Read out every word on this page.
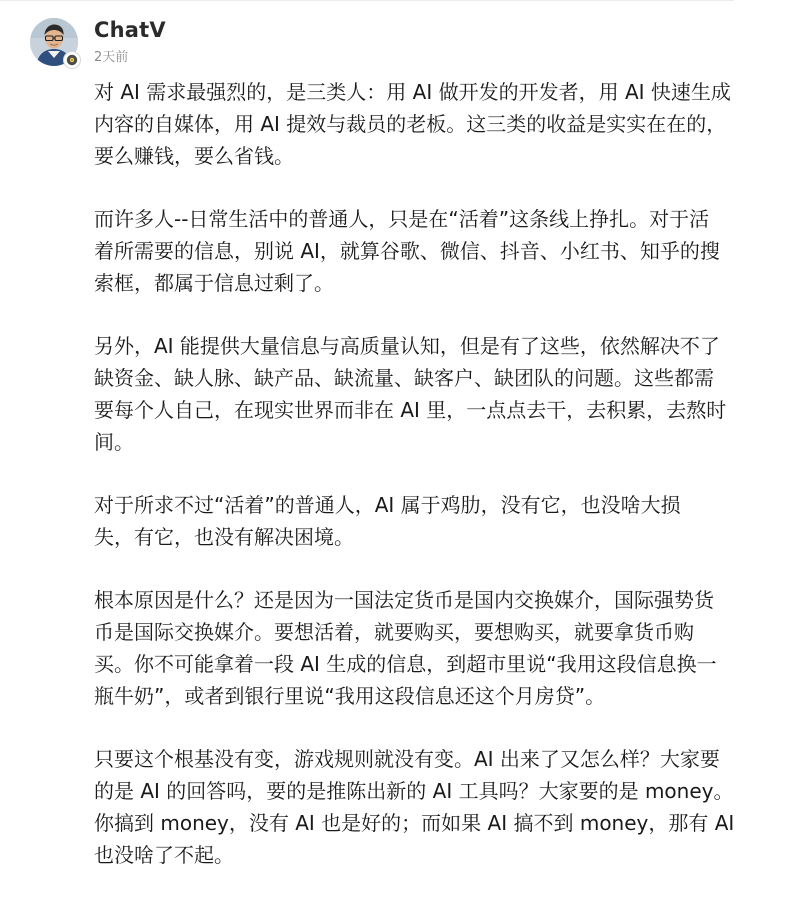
ChatV
2天前

对 AI 需求最强烈的，是三类人：用 AI 做开发的开发者，用 AI 快速生成
内容的自媒体，用 AI 提效与裁员的老板。这三类的收益是实实在在的，
要么赚钱，要么省钱。

而许多人--日常生活中的普通人，只是在“活着”这条线上挣扎。对于活
着所需要的信息，别说 AI，就算谷歌、微信、抖音、小红书、知乎的搜
索框，都属于信息过剩了。

另外，AI 能提供大量信息与高质量认知，但是有了这些，依然解决不了
缺资金、缺人脉、缺产品、缺流量、缺客户、缺团队的问题。这些都需
要每个人自己，在现实世界而非在 AI 里，一点点去干，去积累，去熬时
间。

对于所求不过“活着”的普通人，AI 属于鸡肋，没有它，也没啥大损
失，有它，也没有解决困境。

根本原因是什么？还是因为一国法定货币是国内交换媒介，国际强势货
币是国际交换媒介。要想活着，就要购买，要想购买，就要拿货币购
买。你不可能拿着一段 AI 生成的信息，到超市里说“我用这段信息换一
瓶牛奶”，或者到银行里说“我用这段信息还这个月房贷”。

只要这个根基没有变，游戏规则就没有变。AI 出来了又怎么样？大家要
的是 AI 的回答吗，要的是推陈出新的 AI 工具吗？大家要的是 money。
你搞到 money，没有 AI 也是好的；而如果 AI 搞不到 money，那有 AI
也没啥了不起。
